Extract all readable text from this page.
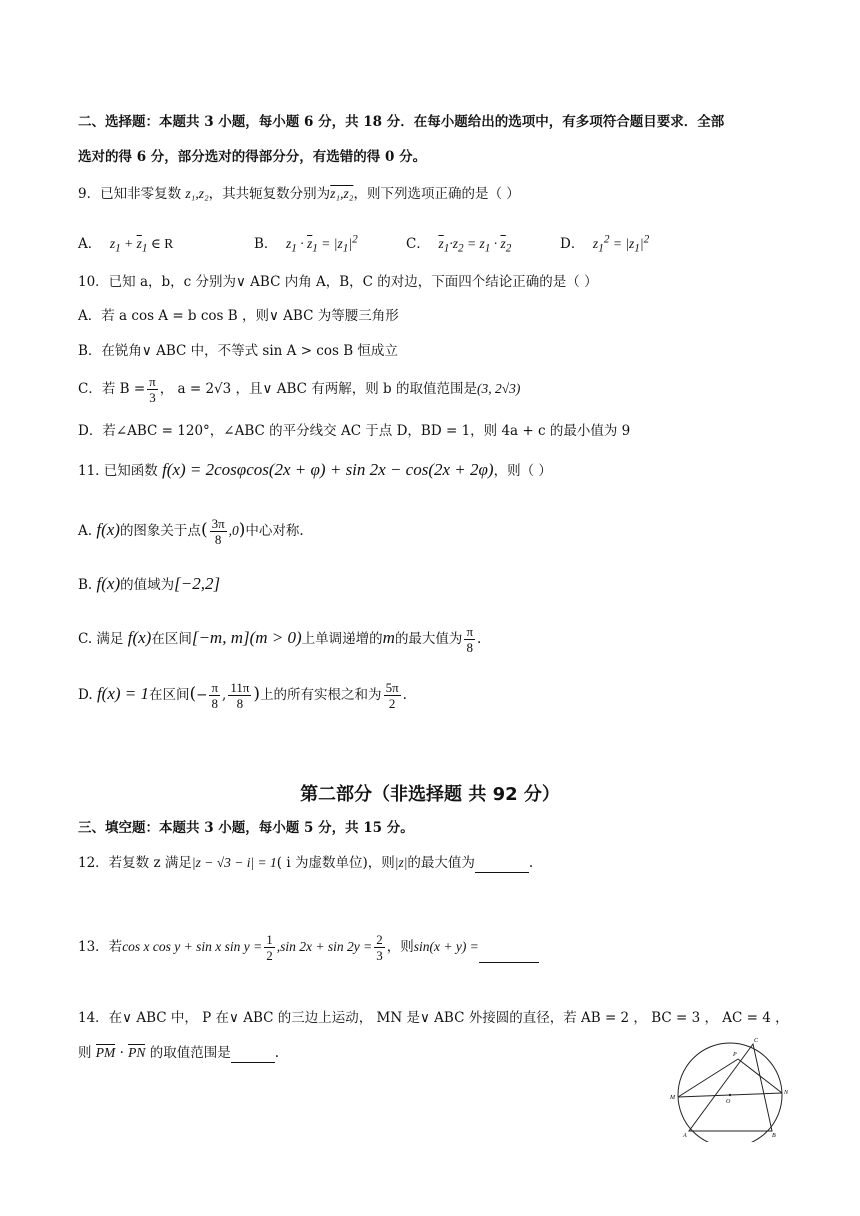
二、选择题：本题共 3 小题，每小题 6 分，共 18 分．在每小题给出的选项中，有多项符合题目要求．全部
选对的得 6 分，部分选对的得部分分，有选错的得 0 分。
9．已知非零复数 z₁,z₂，其共轭复数分别为z₁,z₂，则下列选项正确的是（ ）
A． $z_1 + \overline{z}_1$ ∈ R	B． $z_1 \cdot \overline{z}_1 = |z_1|^2$	C． $\overline{z}_1\cdot z_2 = z_1 \cdot \overline{z}_2$	D． $z_1^2 = |z_1|^2$
10．已知 a，b，c 分别为∨ ABC 内角 A，B，C 的对边，下面四个结论正确的是（ ）
A．若 a cos A = b cos B ，则∨ ABC 为等腰三角形
B．在锐角∨ ABC 中，不等式 sin A > cos B 恒成立
C．若 $B = \frac{\pi}{3}$ ， a = 2√3 ，且∨ ABC 有两解，则 b 的取值范围是(3, 2√3)
D．若∠ABC = 120°，∠ABC 的平分线交 AC 于点 D，BD = 1，则 4a + c 的最小值为 9
11. 已知函数 f(x) = 2cosφcos(2x + φ) + sin 2x − cos(2x + 2φ)，则（ ）
A. f(x)的图象关于点( $\frac{3\pi}{8} ,0$)中心对称.
B. f(x)的值域为[−2,2]
C. 满足 f(x)在区间[−m, m](m > 0)上单调递增的m的最大值为 $\frac{\pi}{8}$ .
D. f(x) = 1在区间(− $\frac{\pi}{8}$ , $\frac{11\pi}{8}$ )上的所有实根之和为 $\frac{5\pi}{2}$ .
第二部分（非选择题 共 92 分）
三、填空题：本题共 3 小题，每小题 5 分，共 15 分。
12．若复数 z 满足|z − √3 − i| = 1( i 为虚数单位)，则|z|的最大值为	.
13．若cos x cos y + sin x $\sin y = \frac{1}{2} ,\sin$ $2x + \sin 2y = \frac{2}{3}$ ，则sin(x + y) =
14．在∨ ABC 中， P 在∨ ABC 的三边上运动， MN 是∨ ABC 外接圆的直径，若 AB = 2 ， BC = 3 ， AC = 4 ，
则 PM · PN 的取值范围是	.	P
C
M
N
O
A	B
